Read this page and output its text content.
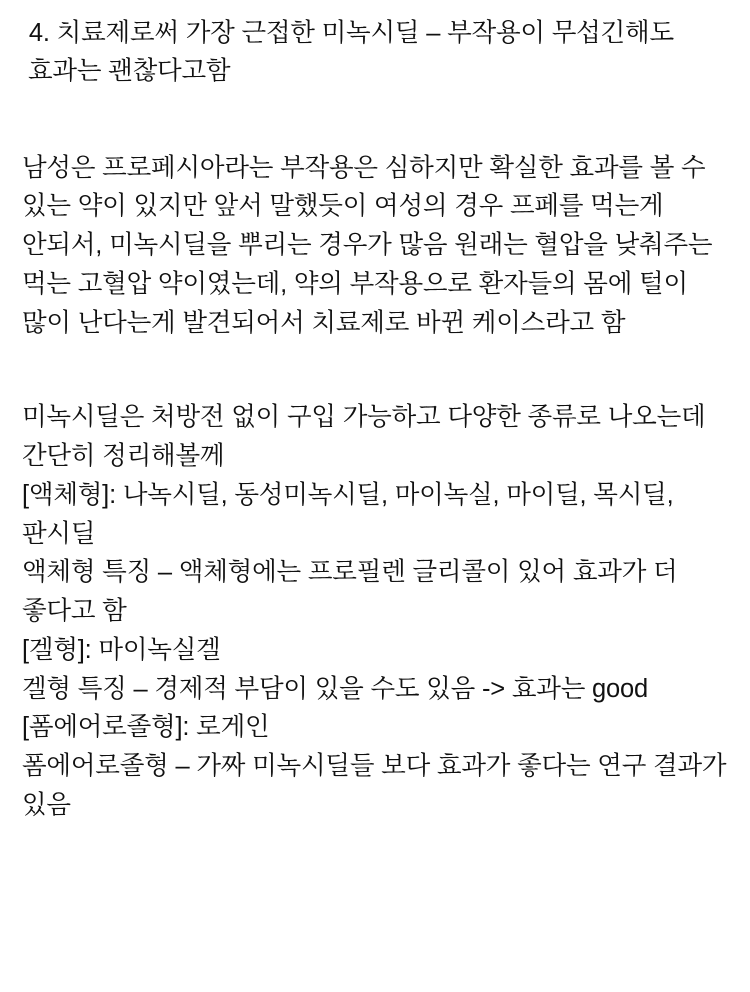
4. 치료제로써 가장 근접한 미녹시딜 – 부작용이 무섭긴해도 효과는 괜찮다고함
남성은 프로페시아라는 부작용은 심하지만 확실한 효과를 볼 수 있는 약이 있지만 앞서 말했듯이 여성의 경우 프페를 먹는게 안되서, 미녹시딜을 뿌리는 경우가 많음 원래는 혈압을 낮춰주는 먹는 고혈압 약이였는데, 약의 부작용으로 환자들의 몸에 털이 많이 난다는게 발견되어서 치료제로 바뀐 케이스라고 함
미녹시딜은 처방전 없이 구입 가능하고 다양한 종류로 나오는데 간단히 정리해볼께
[액체형]: 나녹시딜, 동성미녹시딜, 마이녹실, 마이딜, 목시딜, 판시딜
액체형 특징 – 액체형에는 프로필렌 글리콜이 있어 효과가 더 좋다고 함
[겔형]: 마이녹실겔
겔형 특징 – 경제적 부담이 있을 수도 있음 -> 효과는 good
[폼에어로졸형]: 로게인
폼에어로졸형 – 가짜 미녹시딜들 보다 효과가 좋다는 연구 결과가 있음
